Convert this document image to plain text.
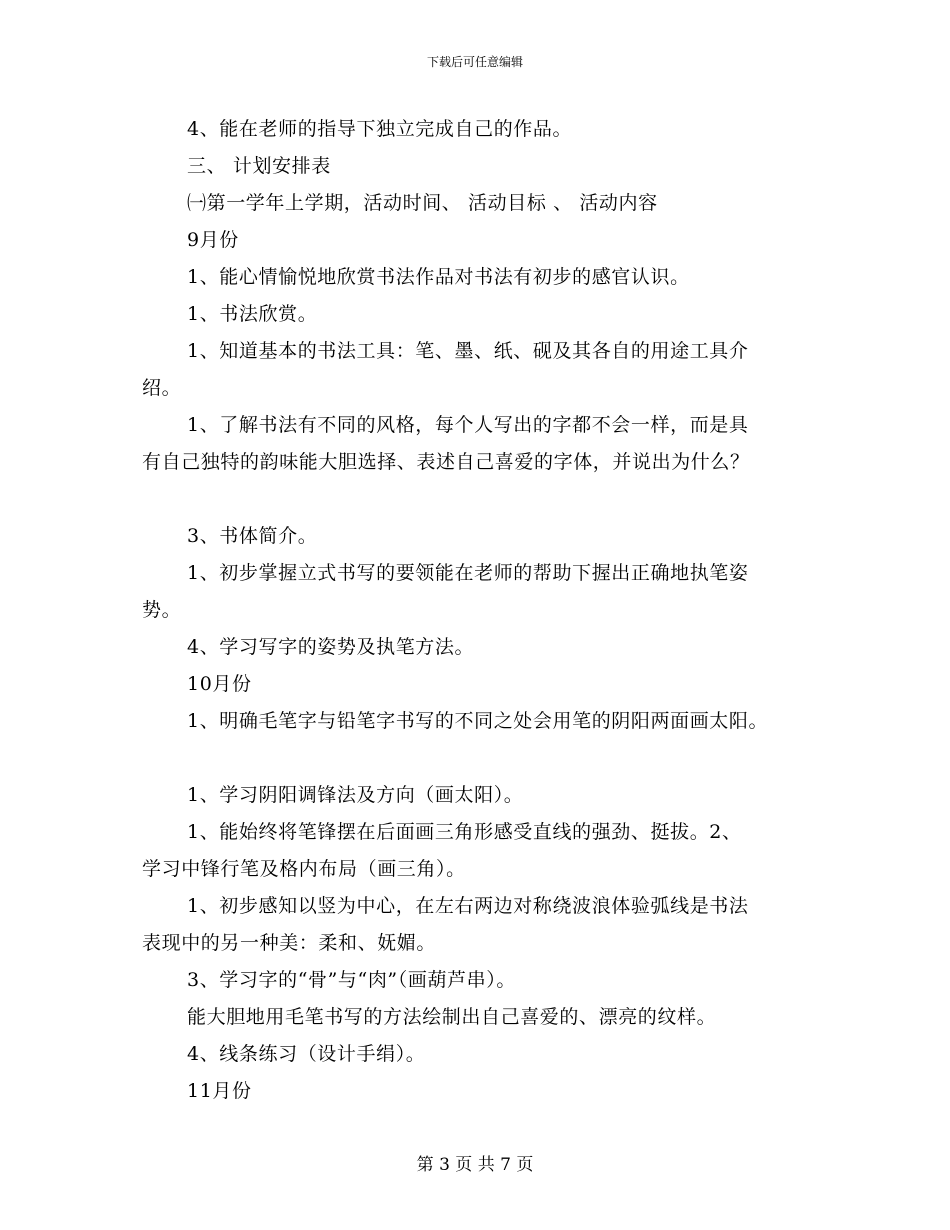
下载后可任意编辑

4、能在老师的指导下独立完成自己的作品。

三、 计划安排表

㈠第一学年上学期，活动时间、 活动目标 、 活动内容

9月份

1、能心情愉悦地欣赏书法作品对书法有初步的感官认识。

1、书法欣赏。

1、知道基本的书法工具：笔、墨、纸、砚及其各自的用途工具介

绍。

1、了解书法有不同的风格，每个人写出的字都不会一样，而是具

有自己独特的韵味能大胆选择、表述自己喜爱的字体，并说出为什么？

3、书体简介。

1、初步掌握立式书写的要领能在老师的帮助下握出正确地执笔姿

势。

4、学习写字的姿势及执笔方法。

10月份

1、明确毛笔字与铅笔字书写的不同之处会用笔的阴阳两面画太阳。

1、学习阴阳调锋法及方向（画太阳）。

1、能始终将笔锋摆在后面画三角形感受直线的强劲、挺拔。2、

学习中锋行笔及格内布局（画三角）。

1、初步感知以竖为中心，在左右两边对称绕波浪体验弧线是书法

表现中的另一种美：柔和、妩媚。

3、学习字的“骨”与“肉”（画葫芦串）。

能大胆地用毛笔书写的方法绘制出自己喜爱的、漂亮的纹样。

4、线条练习（设计手绢）。

11月份

第 3 页 共 7 页
